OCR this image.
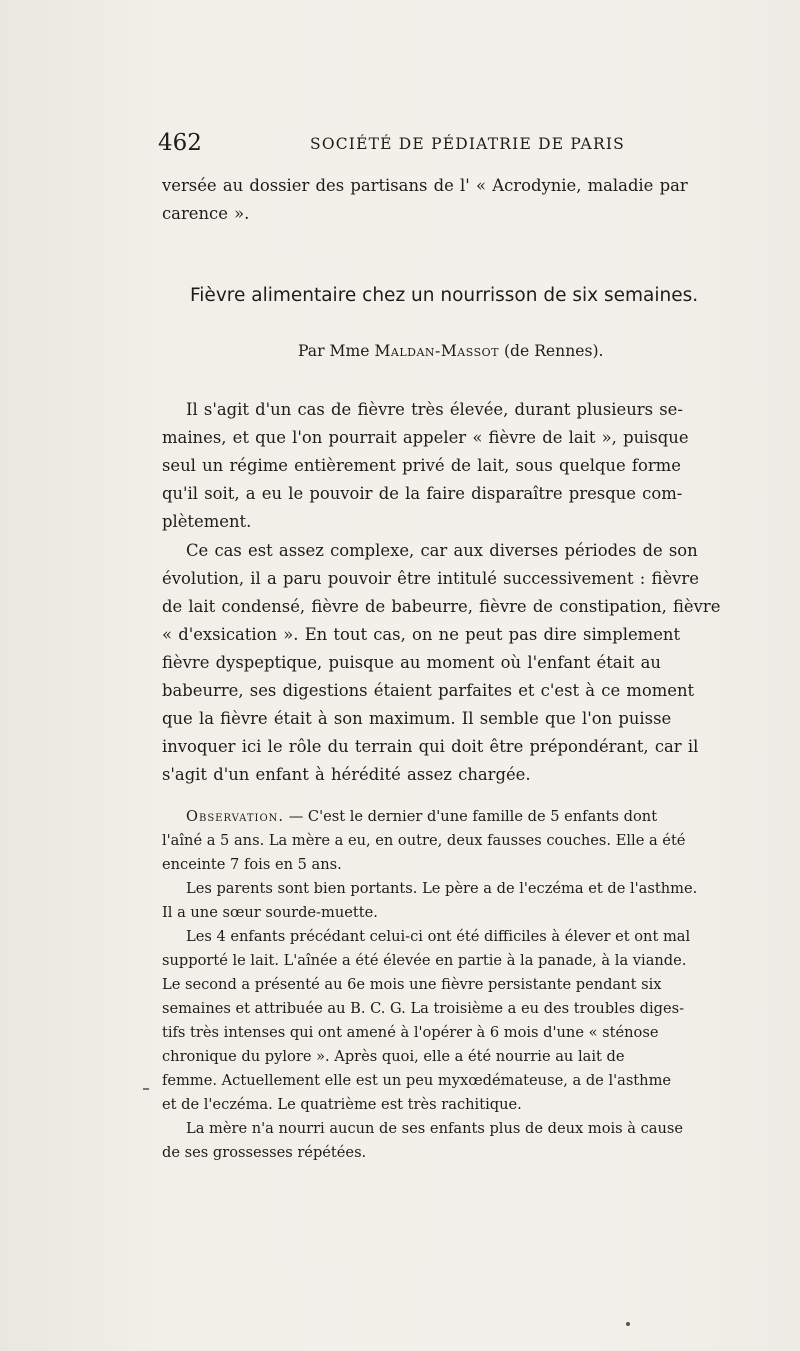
462	SOCIÉTÉ DE PÉDIATRIE DE PARIS
versée au dossier des partisans de l' « Acrodynie, maladie par
carence ».
Fièvre alimentaire chez un nourrisson de six semaines.
Par Mme Maldan-Massot (de Rennes).
Il s'agit d'un cas de fièvre très élevée, durant plusieurs se-
maines, et que l'on pourrait appeler « fièvre de lait », puisque
seul un régime entièrement privé de lait, sous quelque forme
qu'il soit, a eu le pouvoir de la faire disparaître presque com-
plètement.
Ce cas est assez complexe, car aux diverses périodes de son
évolution, il a paru pouvoir être intitulé successivement : fièvre
de lait condensé, fièvre de babeurre, fièvre de constipation, fièvre
« d'exsication ». En tout cas, on ne peut pas dire simplement
fièvre dyspeptique, puisque au moment où l'enfant était au
babeurre, ses digestions étaient parfaites et c'est à ce moment
que la fièvre était à son maximum. Il semble que l'on puisse
invoquer ici le rôle du terrain qui doit être prépondérant, car il
s'agit d'un enfant à hérédité assez chargée.
Observation. — C'est le dernier d'une famille de 5 enfants dont
l'aîné a 5 ans. La mère a eu, en outre, deux fausses couches. Elle a été
enceinte 7 fois en 5 ans.
Les parents sont bien portants. Le père a de l'eczéma et de l'asthme.
Il a une sœur sourde-muette.
Les 4 enfants précédant celui-ci ont été difficiles à élever et ont mal
supporté le lait. L'aînée a été élevée en partie à la panade, à la viande.
Le second a présenté au 6e mois une fièvre persistante pendant six
semaines et attribuée au B. C. G. La troisième a eu des troubles diges-
tifs très intenses qui ont amené à l'opérer à 6 mois d'une « sténose
chronique du pylore ». Après quoi, elle a été nourrie au lait de
femme. Actuellement elle est un peu myxœdémateuse, a de l'asthme
et de l'eczéma. Le quatrième est très rachitique.
La mère n'a nourri aucun de ses enfants plus de deux mois à cause
de ses grossesses répétées.
